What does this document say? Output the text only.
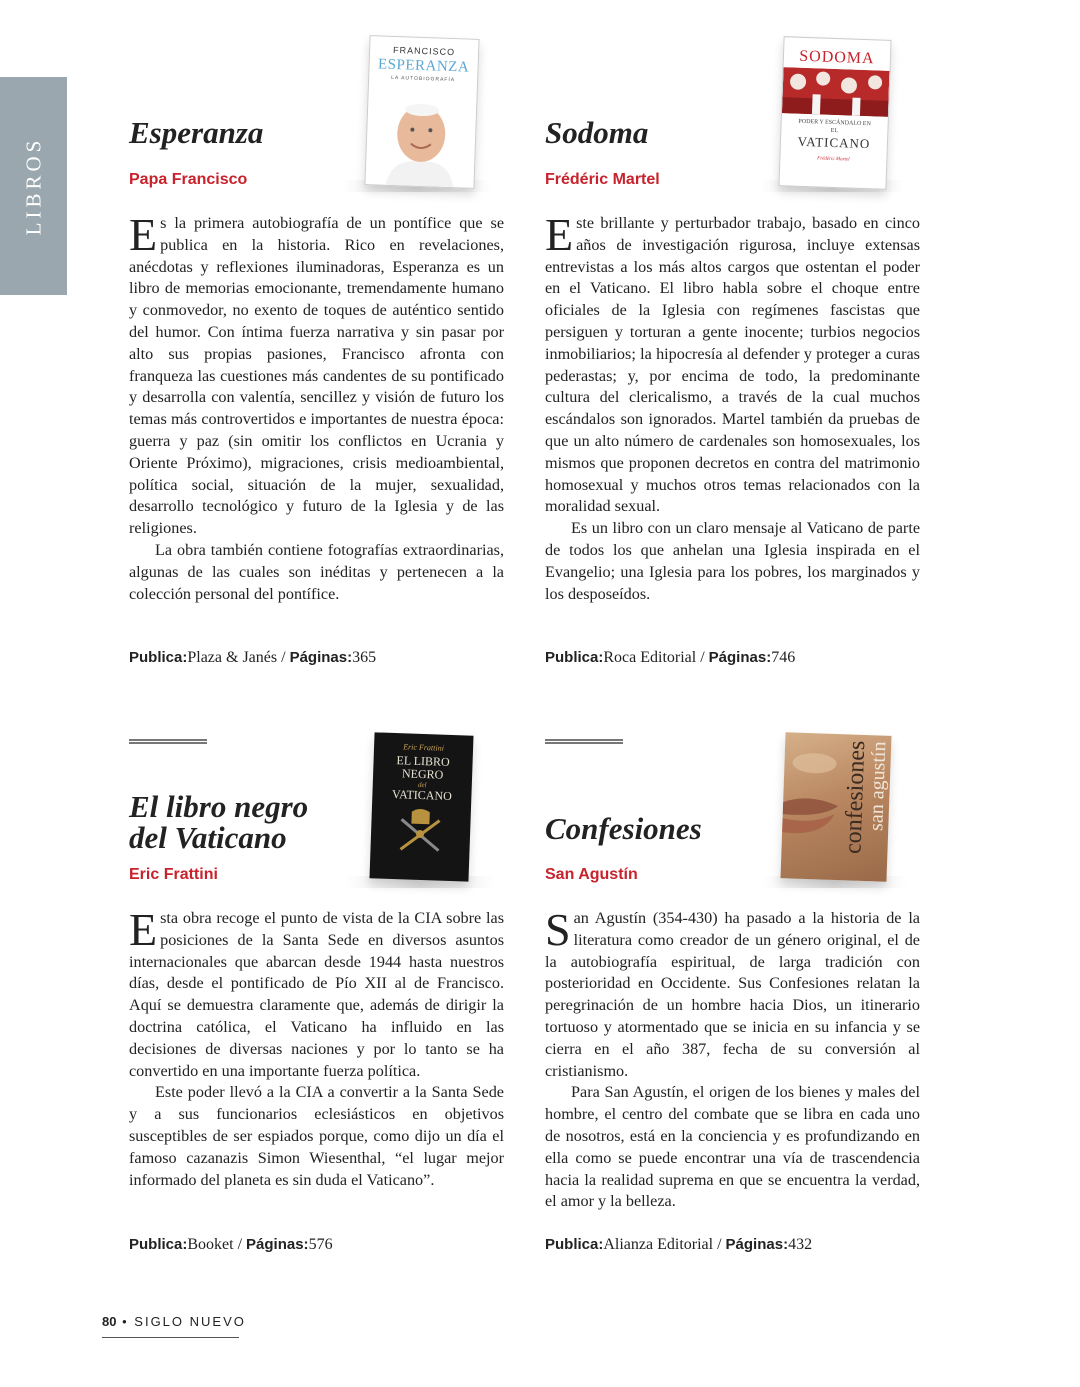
LIBROS
FRANCISCO
ESPERANZA
LA AUTOBIOGRAFÍA
Esperanza
Papa Francisco

Es la primera autobiografía de un pontífice que se publica en la historia. Rico en revelaciones, anécdotas y reflexiones iluminadoras, Esperanza es un libro de memorias emocionante, tremendamente humano y conmovedor, no exento de toques de auténtico sentido del humor. Con íntima fuerza narrativa y sin pasar por alto sus propias pasiones, Francisco afronta con franqueza las cuestiones más candentes de su pontificado y desarrolla con valentía, sencillez y visión de futuro los temas más controvertidos e importantes de nuestra época: guerra y paz (sin omitir los conflictos en Ucrania y Oriente Próximo), migraciones, crisis medioambiental, política social, situación de la mujer, sexualidad, desarrollo tecnológico y futuro de la Iglesia y de las religiones.

La obra también contiene fotografías extraordinarias, algunas de las cuales son inéditas y pertenecen a la colección personal del pontífice.

Publica:Plaza & Janés / Páginas:365
SODOMA
PODER Y ESCÁNDALO EN EL
VATICANO
Frédéric Martel
Sodoma
Frédéric Martel

Este brillante y perturbador trabajo, basado en cinco años de investigación rigurosa, incluye extensas entrevistas a los más altos cargos que ostentan el poder en el Vaticano. El libro habla sobre el choque entre oficiales de la Iglesia con regímenes fascistas que persiguen y torturan a gente inocente; turbios negocios inmobiliarios; la hipocresía al defender y proteger a curas pederastas; y, por encima de todo, la predominante cultura del clericalismo, a través de la cual muchos escándalos son ignorados. Martel también da pruebas de que un alto número de cardenales son homosexuales, los mismos que proponen decretos en contra del matrimonio homosexual y muchos otros temas relacionados con la moralidad sexual.

Es un libro con un claro mensaje al Vaticano de parte de todos los que anhelan una Iglesia inspirada en el Evangelio; una Iglesia para los pobres, los marginados y los desposeídos.

Publica:Roca Editorial / Páginas:746
Eric Frattini
EL LIBRO
NEGRO
del
VATICANO
El libro negro
del Vaticano
Eric Frattini

Esta obra recoge el punto de vista de la CIA sobre las posiciones de la Santa Sede en diversos asuntos internacionales que abarcan desde 1944 hasta nuestros días, desde el pontificado de Pío XII al de Francisco. Aquí se demuestra claramente que, además de dirigir la doctrina católica, el Vaticano ha influido en las decisiones de diversas naciones y por lo tanto se ha convertido en una importante fuerza política.

Este poder llevó a la CIA a convertir a la Santa Sede y a sus funcionarios eclesiásticos en objetivos susceptibles de ser espiados porque, como dijo un día el famoso cazanazis Simon Wiesenthal, “el lugar mejor informado del planeta es sin duda el Vaticano”.

Publica:Booket / Páginas:576
confesiones
san agustín
Confesiones
San Agustín

San Agustín (354-430) ha pasado a la historia de la literatura como creador de un género original, el de la autobiografía espiritual, de larga tradición con posterioridad en Occidente. Sus Confesiones relatan la peregrinación de un hombre hacia Dios, un itinerario tortuoso y atormentado que se inicia en su infancia y se cierra en el año 387, fecha de su conversión al cristianismo.

Para San Agustín, el origen de los bienes y males del hombre, el centro del combate que se libra en cada uno de nosotros, está en la conciencia y es profundizando en ella como se puede encontrar una vía de trascendencia hacia la realidad suprema en que se encuentra la verdad, el amor y la belleza.

Publica:Alianza Editorial / Páginas:432
80 • SIGLO NUEVO
